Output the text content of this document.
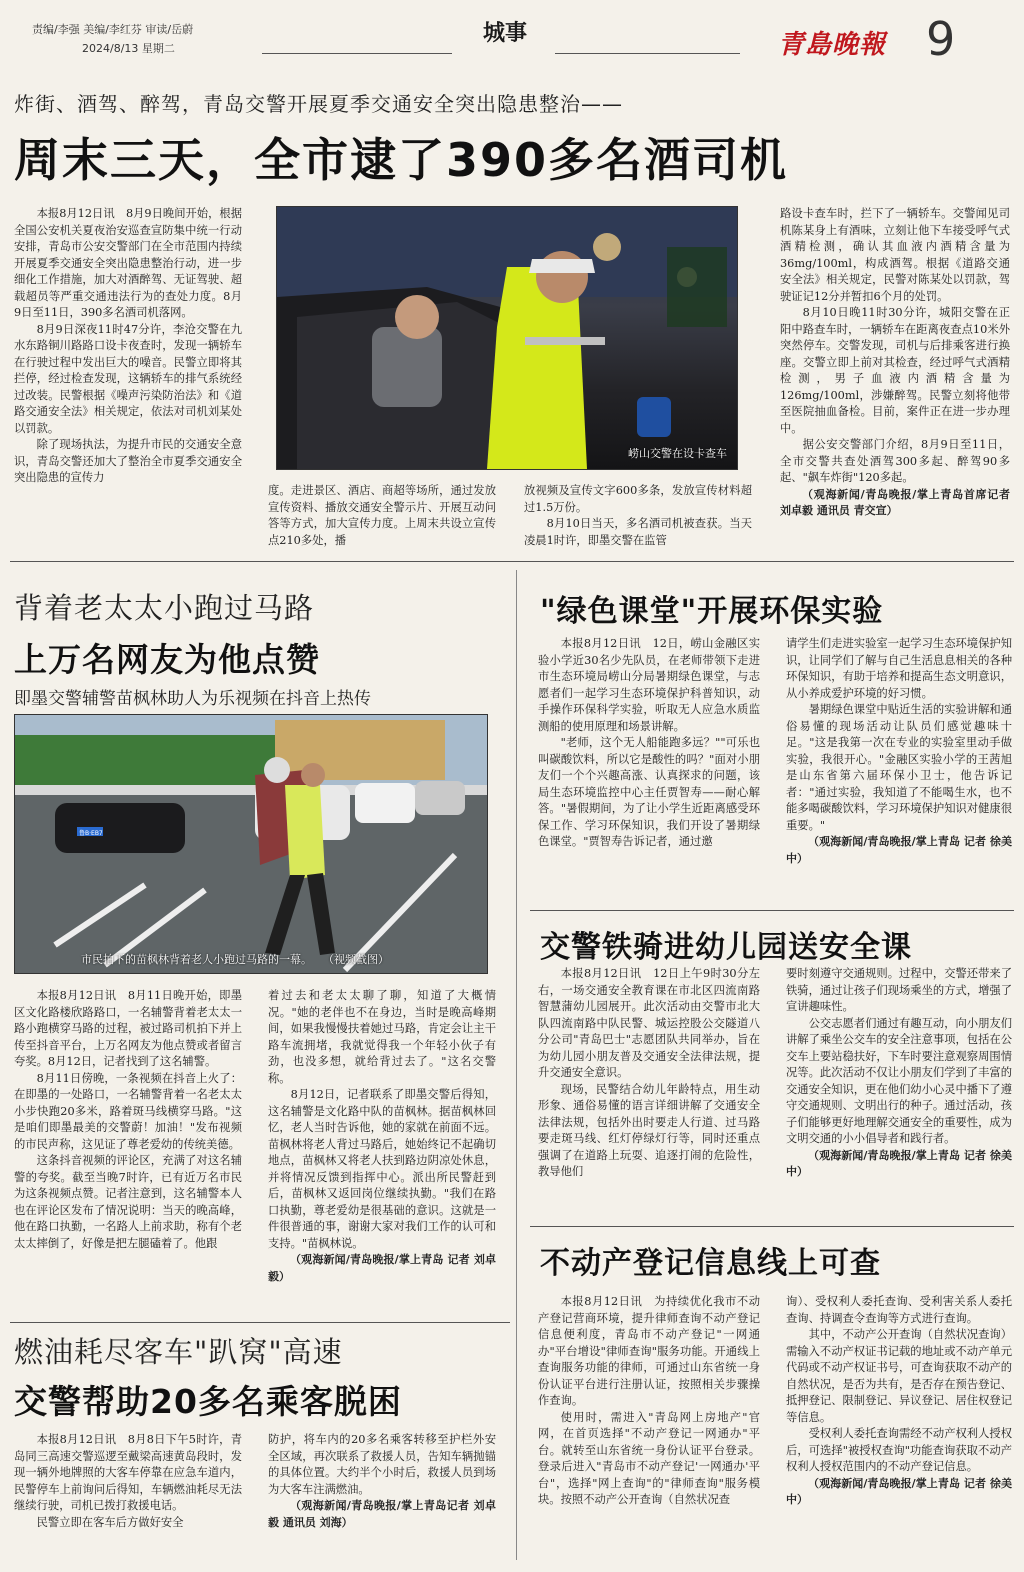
责编/李强 美编/李红芬 审读/岳蔚
2024/8/13 星期二
城事	青島晚報 9
炸街、酒驾、醉驾，青岛交警开展夏季交通安全突出隐患整治——
周末三天，全市逮了390多名酒司机

本报8月12日讯　8月9日晚间开始，根据全国公安机关夏夜治安巡查宣防集中统一行动安排，青岛市公安交警部门在全市范围内持续开展夏季交通安全突出隐患整治行动，进一步细化工作措施，加大对酒醉驾、无证驾驶、超载超员等严重交通违法行为的查处力度。8月9日至11日，390多名酒司机落网。

8月9日深夜11时47分许，李沧交警在九水东路铜川路路口设卡夜查时，发现一辆轿车在行驶过程中发出巨大的噪音。民警立即将其拦停，经过检查发现，这辆轿车的排气系统经过改装。民警根据《噪声污染防治法》和《道路交通安全法》相关规定，依法对司机刘某处以罚款。

除了现场执法，为提升市民的交通安全意识，青岛交警还加大了整治全市夏季交通安全突出隐患的宣传力

崂山交警在设卡查车

度。走进景区、酒店、商超等场所，通过发放宣传资料、播放交通安全警示片、开展互动问答等方式，加大宣传力度。上周末共设立宣传点210多处，播

放视频及宣传文字600多条，发放宣传材料超过1.5万份。

8月10日当天，多名酒司机被查获。当天凌晨1时许，即墨交警在监管

路设卡查车时，拦下了一辆轿车。交警闻见司机陈某身上有酒味，立刻让他下车接受呼气式酒精检测，确认其血液内酒精含量为36mg/100ml，构成酒驾。根据《道路交通安全法》相关规定，民警对陈某处以罚款，驾驶证记12分并暂扣6个月的处罚。

8月10日晚11时30分许，城阳交警在正阳中路查车时，一辆轿车在距离夜查点10米外突然停车。交警发现，司机与后排乘客进行换座。交警立即上前对其检查，经过呼气式酒精检测，男子血液内酒精含量为126mg/100ml，涉嫌醉驾。民警立刻将他带至医院抽血备检。目前，案件正在进一步办理中。

据公安交警部门介绍，8月9日至11日，全市交警共查处酒驾300多起、醉驾90多起、"飙车炸街"120多起。

（观海新闻/青岛晚报/掌上青岛首席记者 刘卓毅 通讯员 青交宣）

背着老太太小跑过马路
上万名网友为他点赞
即墨交警辅警苗枫林助人为乐视频在抖音上热传
鲁B·EB7
市民拍下的苗枫林背着老人小跑过马路的一幕。　　（视频截图）

本报8月12日讯　8月11日晚开始，即墨区文化路楼欣路路口，一名辅警背着老太太一路小跑横穿马路的过程，被过路司机拍下并上传至抖音平台，上万名网友为他点赞或者留言夸奖。8月12日，记者找到了这名辅警。

8月11日傍晚，一条视频在抖音上火了：在即墨的一处路口，一名辅警背着一名老太太小步快跑20多米，路着斑马线横穿马路。"这是咱们即墨最美的交警蔚！加油！"发布视频的市民声称，这见证了尊老爱幼的传统美德。

这条抖音视频的评论区，充满了对这名辅警的夸奖。截至当晚7时许，已有近万名市民为这条视频点赞。记者注意到，这名辅警本人也在评论区发布了情况说明：当天的晚高峰，他在路口执勤，一名路人上前求助，称有个老太太摔倒了，好像是把左腿磕着了。他跟

着过去和老太太聊了聊，知道了大概情况。"她的老伴也不在身边，当时是晚高峰期间，如果我慢慢扶着她过马路，肯定会让主干路车流拥堵，我就觉得我一个年轻小伙子有劲，也没多想，就给背过去了。"这名交警称。

8月12日，记者联系了即墨交警后得知，这名辅警是文化路中队的苗枫林。据苗枫林回忆，老人当时告诉他，她的家就在前面不远。苗枫林将老人背过马路后，她始终记不起确切地点，苗枫林又将老人扶到路边阴凉处休息，并将情况反馈到指挥中心。派出所民警赶到后，苗枫林又返回岗位继续执勤。"我们在路口执勤，尊老爱幼是很基础的意识。这就是一件很普通的事，谢谢大家对我们工作的认可和支持。"苗枫林说。

（观海新闻/青岛晚报/掌上青岛 记者 刘卓毅）

燃油耗尽客车"趴窝"高速
交警帮助20多名乘客脱困

本报8月12日讯　8月8日下午5时许，青岛同三高速交警巡逻至戴梁高速黄岛段时，发现一辆外地牌照的大客车停靠在应急车道内，民警停车上前询问后得知，车辆燃油耗尽无法继续行驶，司机已拨打救援电话。

民警立即在客车后方做好安全

防护，将车内的20多名乘客转移至护栏外安全区域，再次联系了救援人员，告知车辆抛锚的具体位置。大约半个小时后，救援人员到场为大客车注满燃油。

（观海新闻/青岛晚报/掌上青岛记者 刘卓毅 通讯员 刘海）

"绿色课堂"开展环保实验

本报8月12日讯　12日，崂山金融区实验小学近30名少先队员，在老师带领下走进市生态环境局崂山分局暑期绿色课堂，与志愿者们一起学习生态环境保护科普知识，动手操作环保科学实验，听取无人应急水质监测船的使用原理和场景讲解。

"老师，这个无人船能跑多远？""可乐也叫碳酸饮料，所以它是酸性的吗？"面对小朋友们一个个兴趣高涨、认真探求的问题，该局生态环境监控中心主任贾智寿——耐心解答。"暑假期间，为了让小学生近距离感受环保工作、学习环保知识，我们开设了暑期绿色课堂。"贾智寿告诉记者，通过邀

请学生们走进实验室一起学习生态环境保护知识，让同学们了解与自己生活息息相关的各种环保知识，有助于培养和提高生态文明意识，从小养成爱护环境的好习惯。

暑期绿色课堂中贴近生活的实验讲解和通俗易懂的现场活动让队员们感觉趣味十足。"这是我第一次在专业的实验室里动手做实验，我很开心。"金融区实验小学的王茜旭是山东省第六届环保小卫士，他告诉记者："通过实验，我知道了不能喝生水，也不能多喝碳酸饮料，学习环境保护知识对健康很重要。"

（观海新闻/青岛晚报/掌上青岛 记者 徐美中）

交警铁骑进幼儿园送安全课

本报8月12日讯　12日上午9时30分左右，一场交通安全教育课在市北区四流南路智慧蒲幼儿园展开。此次活动由交警市北大队四流南路中队民警、城运控股公交隧道八分公司"青岛巴士"志愿团队共同举办，旨在为幼儿园小朋友普及交通安全法律法规，提升交通安全意识。

现场，民警结合幼儿年龄特点，用生动形象、通俗易懂的语言详细讲解了交通安全法律法规，包括外出时要走人行道、过马路要走斑马线、红灯停绿灯行等，同时还重点强调了在道路上玩耍、追逐打闹的危险性，教导他们

要时刻遵守交通规则。过程中，交警还带来了铁骑，通过让孩子们现场乘坐的方式，增强了宣讲趣味性。

公交志愿者们通过有趣互动，向小朋友们讲解了乘坐公交车的安全注意事项，包括在公交车上要站稳扶好，下车时要注意观察周围情况等。此次活动不仅让小朋友们学到了丰富的交通安全知识，更在他们幼小心灵中播下了遵守交通规则、文明出行的种子。通过活动，孩子们能够更好地理解交通安全的重要性，成为文明交通的小小倡导者和践行者。

（观海新闻/青岛晚报/掌上青岛 记者 徐美中）

不动产登记信息线上可查

本报8月12日讯　为持续优化我市不动产登记营商环境，提升律师查询不动产登记信息便利度，青岛市不动产登记"一网通办"平台增设"律师查询"服务功能。开通线上查询服务功能的律师，可通过山东省统一身份认证平台进行注册认证，按照相关步骤操作查询。

使用时，需进入"青岛网上房地产"官网，在首页选择"不动产登记一网通办"平台。就转至山东省统一身份认证平台登录。登录后进入"青岛市不动产登记'一网通办'平台"，选择"网上查询"的"律师查询"服务模块。按照不动产公开查询（自然状况查

询）、受权利人委托查询、受利害关系人委托查询、持调查令查询等方式进行查询。

其中，不动产公开查询（自然状况查询）需输入不动产权证书记载的地址或不动产单元代码或不动产权证书号，可查询获取不动产的自然状况，是否为共有，是否存在预告登记、抵押登记、限制登记、异议登记、居住权登记等信息。

受权利人委托查询需经不动产权利人授权后，可选择"被授权查询"功能查询获取不动产权利人授权范围内的不动产登记信息。

（观海新闻/青岛晚报/掌上青岛 记者 徐美中）
